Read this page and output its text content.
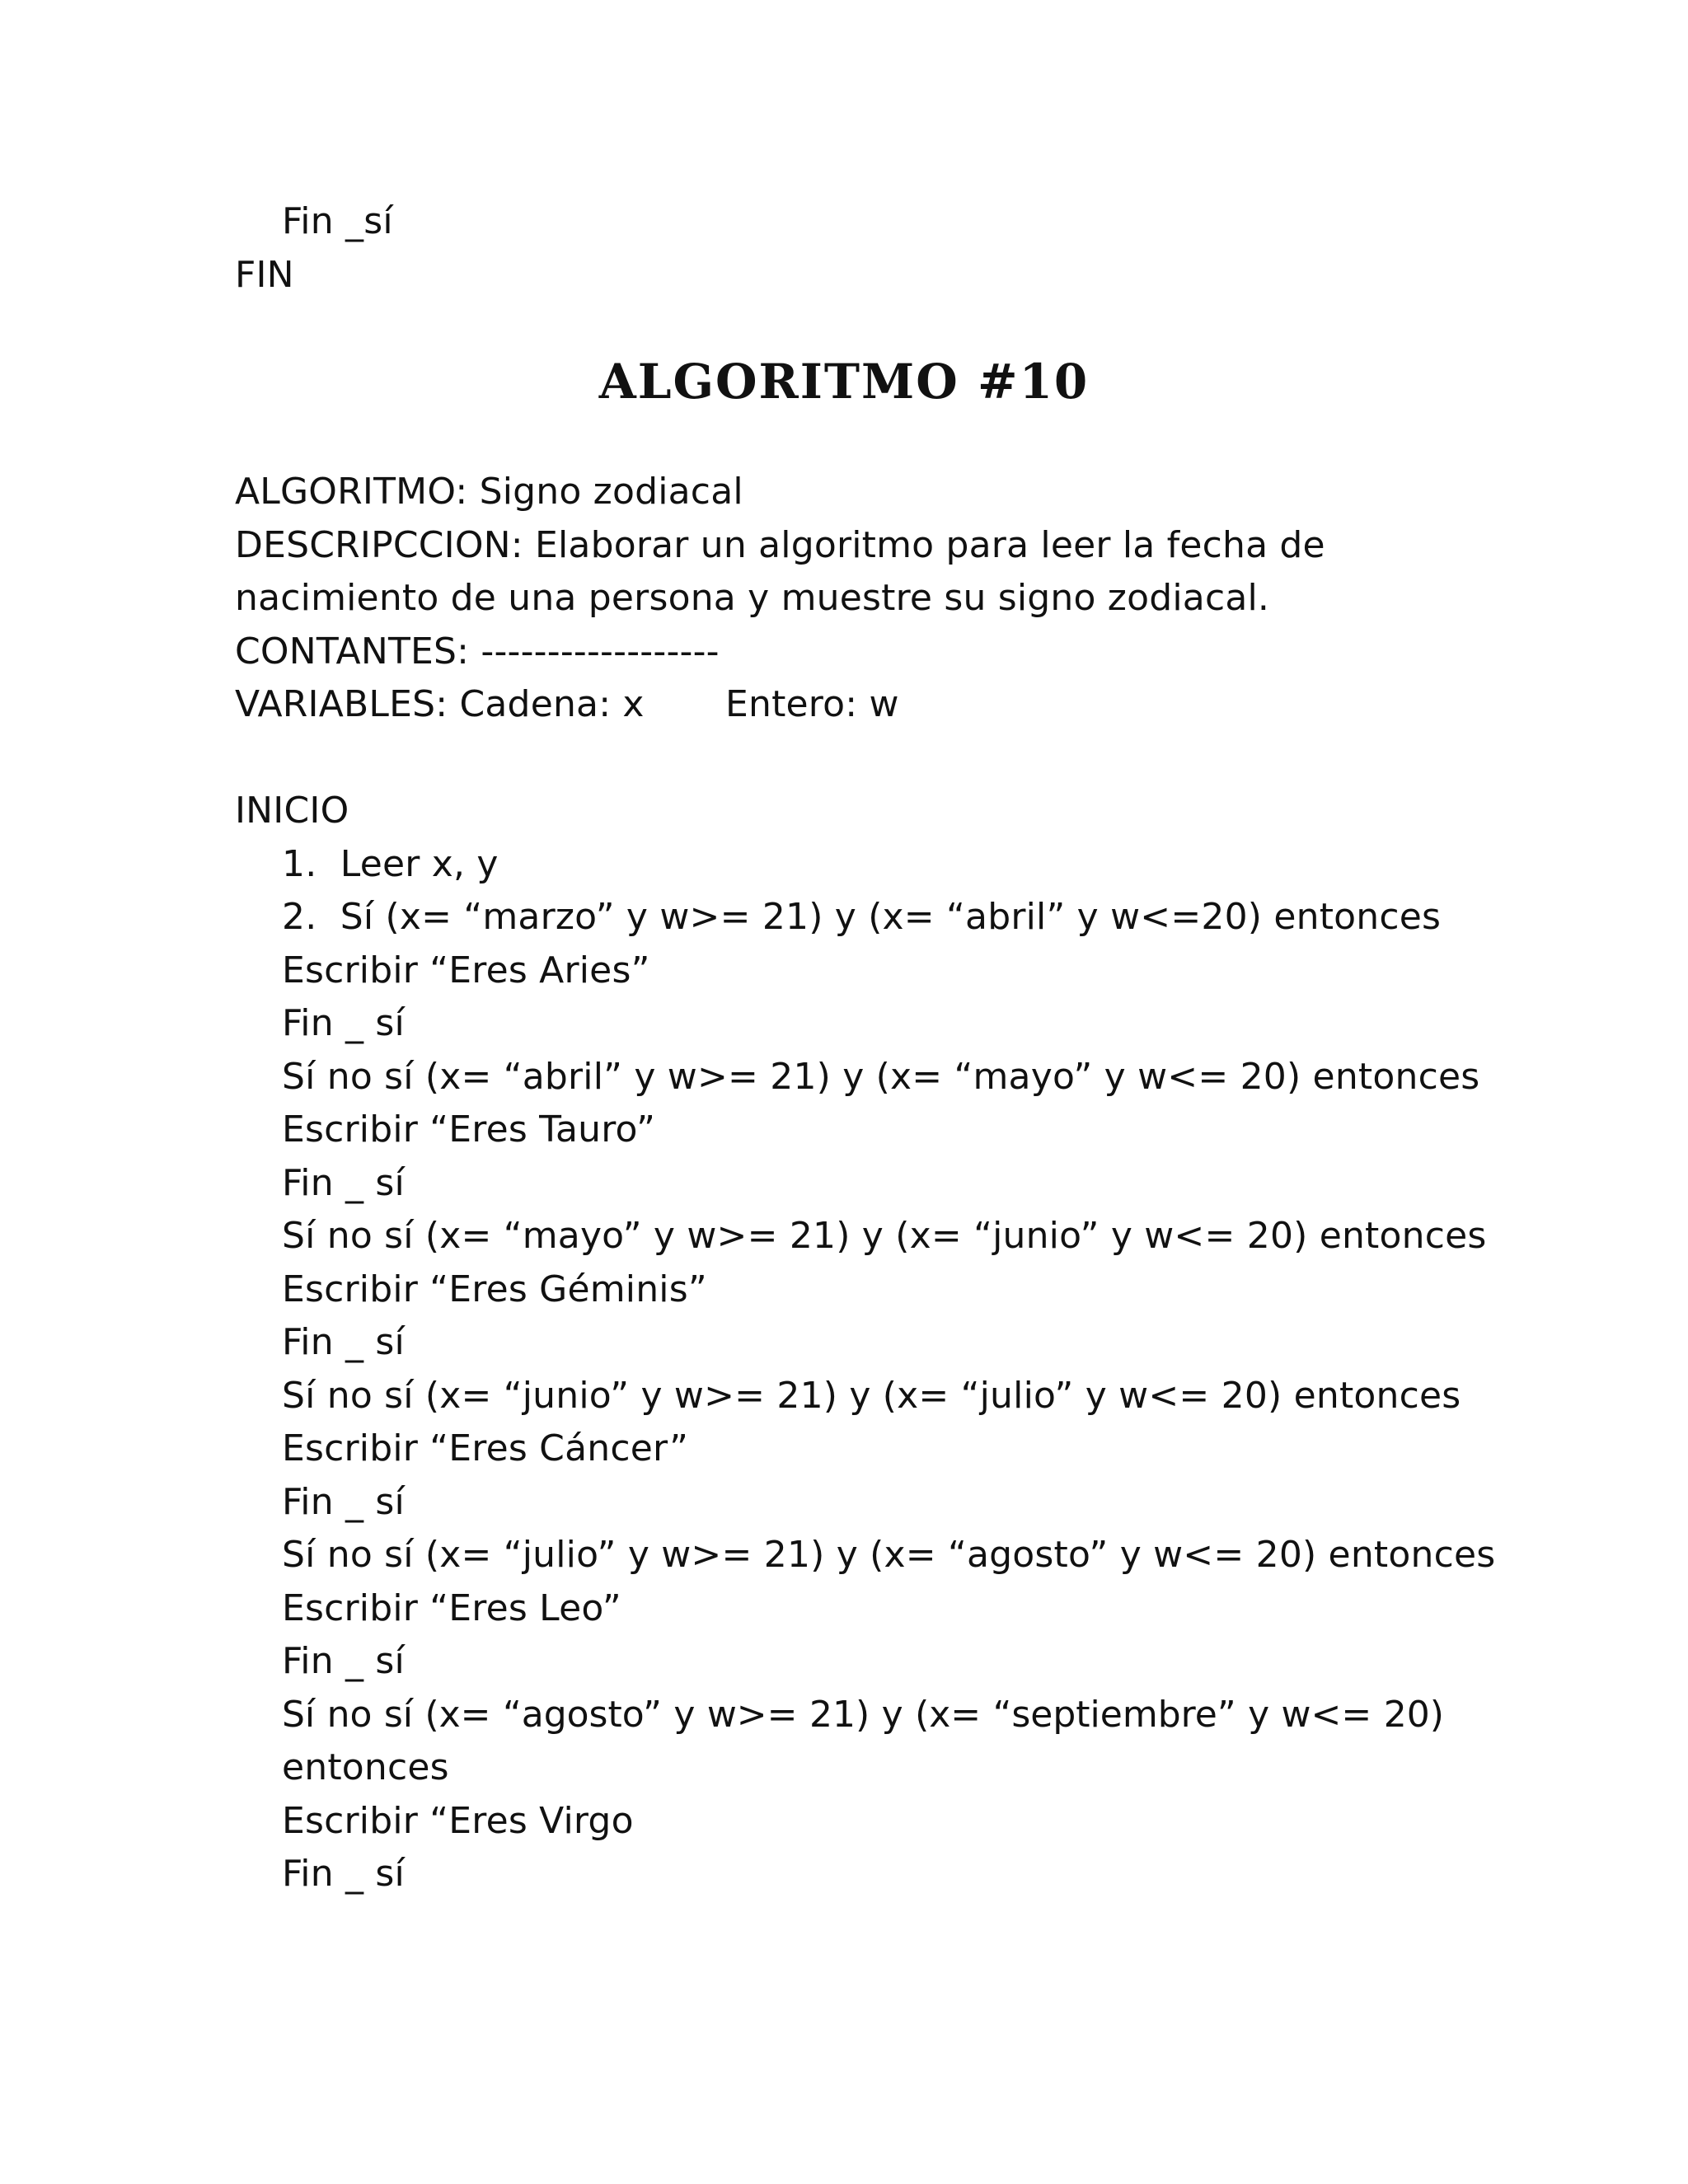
Fin _sí
FIN
ALGORITMO #10
ALGORITMO: Signo zodiacal
DESCRIPCCION: Elaborar un algoritmo para leer la fecha de
nacimiento de una persona y muestre su signo zodiacal.
CONTANTES: ------------------
VARIABLES: Cadena: x Entero: w
INICIO
1.  Leer x, y
2.  Sí (x= “marzo” y w>= 21) y (x= “abril” y w<=20) entonces
Escribir “Eres Aries”
Fin _ sí
Sí no sí (x= “abril” y w>= 21) y (x= “mayo” y w<= 20) entonces
Escribir “Eres Tauro”
Fin _ sí
Sí no sí (x= “mayo” y w>= 21) y (x= “junio” y w<= 20) entonces
Escribir “Eres Géminis”
Fin _ sí
Sí no sí (x= “junio” y w>= 21) y (x= “julio” y w<= 20) entonces
Escribir “Eres Cáncer”
Fin _ sí
Sí no sí (x= “julio” y w>= 21) y (x= “agosto” y w<= 20) entonces
Escribir “Eres Leo”
Fin _ sí
Sí no sí (x= “agosto” y w>= 21) y (x= “septiembre” y w<= 20)
entonces
Escribir “Eres Virgo
Fin _ sí
